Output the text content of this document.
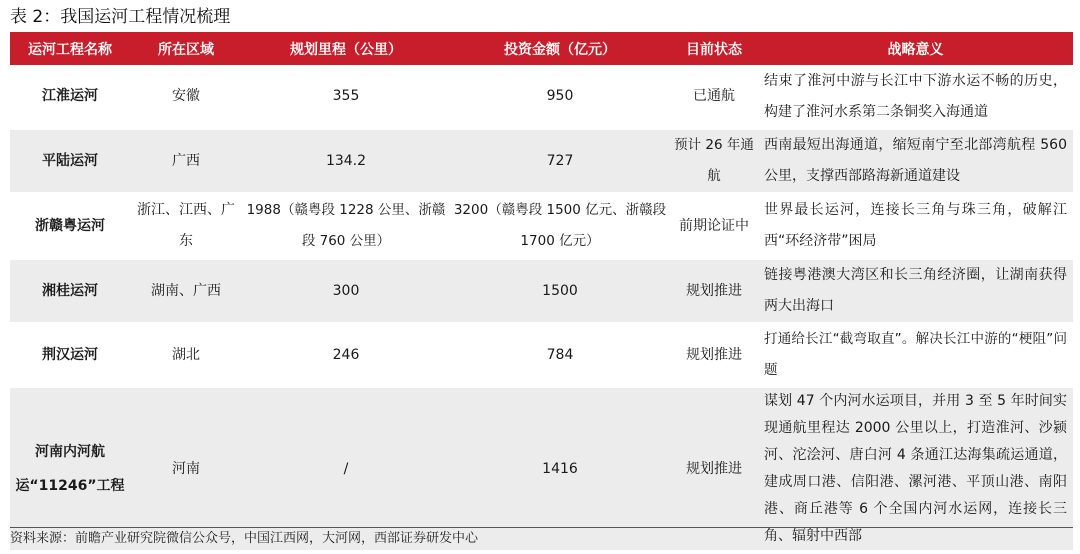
表 2：我国运河工程情况梳理
运河工程名称	所在区域	规划里程（公里）	投资金额（亿元）	目前状态	战略意义
江淮运河	安徽	355	950	已通航	结束了淮河中游与长江中下游水运不畅的历史，构建了淮河水系第二条铜奖入海通道
平陆运河	广西	134.2	727	预计 26 年通航	西南最短出海通道，缩短南宁至北部湾航程 560 公里，支撑西部路海新通道建设
浙赣粤运河	浙江、江西、广东	1988（赣粤段 1228 公里、浙赣段 760 公里）	3200（赣粤段 1500 亿元、浙赣段 1700 亿元）	前期论证中	世界最长运河，连接长三角与珠三角，破解江西“环经济带”困局
湘桂运河	湖南、广西	300	1500	规划推进	链接粤港澳大湾区和长三角经济圈，让湖南获得两大出海口
荆汉运河	湖北	246	784	规划推进	打通给长江“截弯取直”。解决长江中游的“梗阻”问题
河南内河航运“11246”工程	河南	/	1416	规划推进	谋划 47 个内河水运项目，并用 3 至 5 年时间实现通航里程达 2000 公里以上，打造淮河、沙颍河、沱浍河、唐白河 4 条通江达海集疏运通道，建成周口港、信阳港、漯河港、平顶山港、南阳港、商丘港等 6 个全国内河水运网，连接长三角、辐射中西部
资料来源：前瞻产业研究院微信公众号，中国江西网，大河网，西部证券研发中心
